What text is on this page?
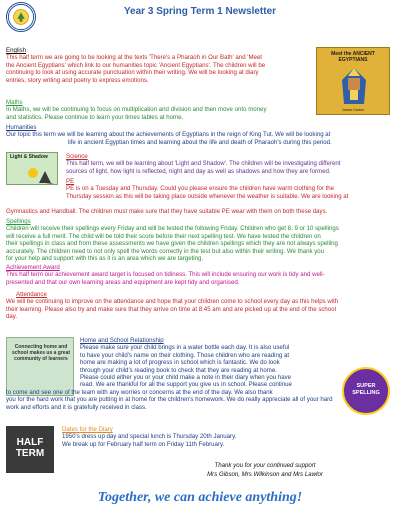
Year 3 Spring Term 1 Newsletter
English
This half term we are going to be looking at the texts 'There's a Pharaoh in Our Bath' and 'Meet
the Ancient Egyptians' which link to our humanities topic 'Ancient Egyptians'. The children will be
continuing to look at using accurate punctuation within their writing. We will be looking at diary
entries, story writing and poetry to express emotions.
Maths
In Maths, we will be continuing to focus on multiplication and division and then move onto money
and statistics. Please continue to learn your times tables at home.
Meet the ANCIENT EGYPTIANS
James Davies
Humanities
Our topic this term we will be learning about the achievements of Egyptians in the reign of King Tut. We will be looking at
life in ancient Egyptian times and learning about the life and death of Pharaoh's during this period.
Light & Shadow	Science
This half term, we will be learning about 'Light and Shadow'. The children will be investigating different
sources of light, how light is reflected, night and day as well as shadows and how they are formed.
PE
PE is on a Tuesday and Thursday. Could you please ensure the children have warm clothing for the
Thursday session as this will be taking place outside whenever the weather is suitable. We are looking at
Gymnastics and Handball. The children must make sure that they have suitable PE wear with them on both these days.
Spellings
Children will receive their spellings every Friday and will be tested the following Friday. Children who get 8, 9 or 10 spellings
will receive a full merit. The child will be told their score before their next spelling test. We have tested the children on
their spellings in class and from these assessments we have given the children spellings which they are not always spelling
accurately. The children need to not only spell the words correctly in the test but also within their writing. We thank you
for your help and support with this as it is an area which we are targeting.
Achievement Award
This half term our achievement award target is focused on tidiness. This will include ensuring our work is tidy and well-
presented and that our own learning areas and equipment are kept tidy and organised.
Attendance
We will be continuing to improve on the attendance and hope that your children come to school every day as this helps with
their learning. Please also try and make sure that they arrive on time at 8:45 am and are picked up at the end of the school
day.
Connecting home and school makes us a great community of learners
Home and School Relationship
Please make sure your child brings in a water bottle each day. It is also useful
to have your child's name on their clothing. Those children who are reading at
home are making a lot of progress in school which is fantastic. We do look
through your child's reading book to check that they are reading at home.
Please could either you or your child make a note in their diary when you have
read. We are thankful for all the support you give us in school. Please continue
to come and see one of the team with any worries or concerns at the end of the day. We also thank
you for the hard work that you are putting in at home for the children's homework. We do really appreciate all of your hard
work and efforts and it is gratefully received in class.
SUPER SPELLING
HALF TERM
Dates for the Diary
1950's dress up day and special lunch is Thursday 20th January.
We break up for February half term on Friday 11th February.
Thank you for your continued support
Mrs Gibson, Mrs Wilkinson and Mrs Lawlor
Together, we can achieve anything!
